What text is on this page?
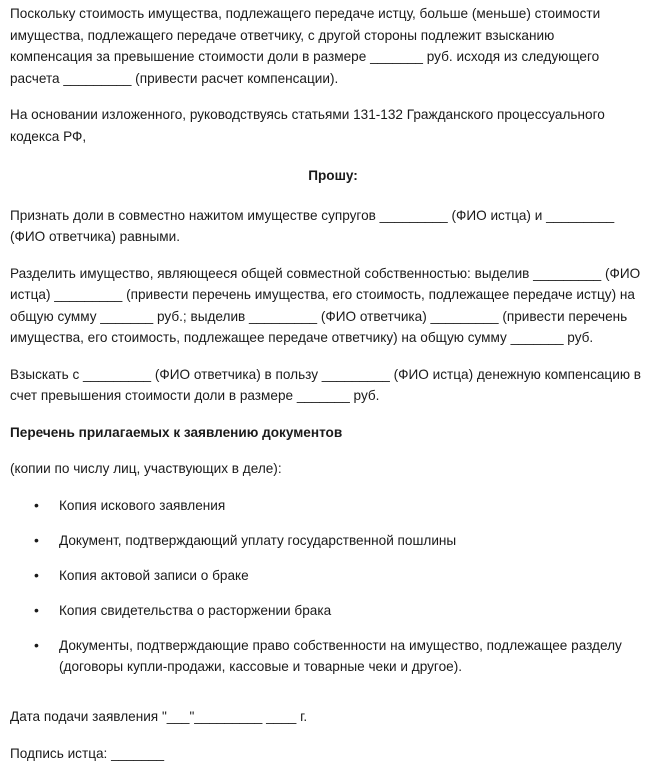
Поскольку стоимость имущества, подлежащего передаче истцу, больше (меньше) стоимости
имущества, подлежащего передаче ответчику, с другой стороны подлежит взысканию
компенсация за превышение стоимости доли в размере _______ руб. исходя из следующего
расчета _________ (привести расчет компенсации).

На основании изложенного, руководствуясь статьями 131-132 Гражданского процессуального
кодекса РФ,

Прошу:

Признать доли в совместно нажитом имуществе супругов _________ (ФИО истца) и _________
(ФИО ответчика) равными.

Разделить имущество, являющееся общей совместной собственностью: выделив _________ (ФИО
истца) _________ (привести перечень имущества, его стоимость, подлежащее передаче истцу) на
общую сумму _______ руб.; выделив _________ (ФИО ответчика) _________ (привести перечень
имущества, его стоимость, подлежащее передаче ответчику) на общую сумму _______ руб.

Взыскать с _________ (ФИО ответчика) в пользу _________ (ФИО истца) денежную компенсацию в
счет превышения стоимости доли в размере _______ руб.

Перечень прилагаемых к заявлению документов

(копии по числу лиц, участвующих в деле):

• Копия искового заявления
• Документ, подтверждающий уплату государственной пошлины
• Копия актовой записи о браке
• Копия свидетельства о расторжении брака
• Документы, подтверждающие право собственности на имущество, подлежащее разделу
(договоры купли-продажи, кассовые и товарные чеки и другое).

Дата подачи заявления "___"_________ ____ г.

Подпись истца: _______
